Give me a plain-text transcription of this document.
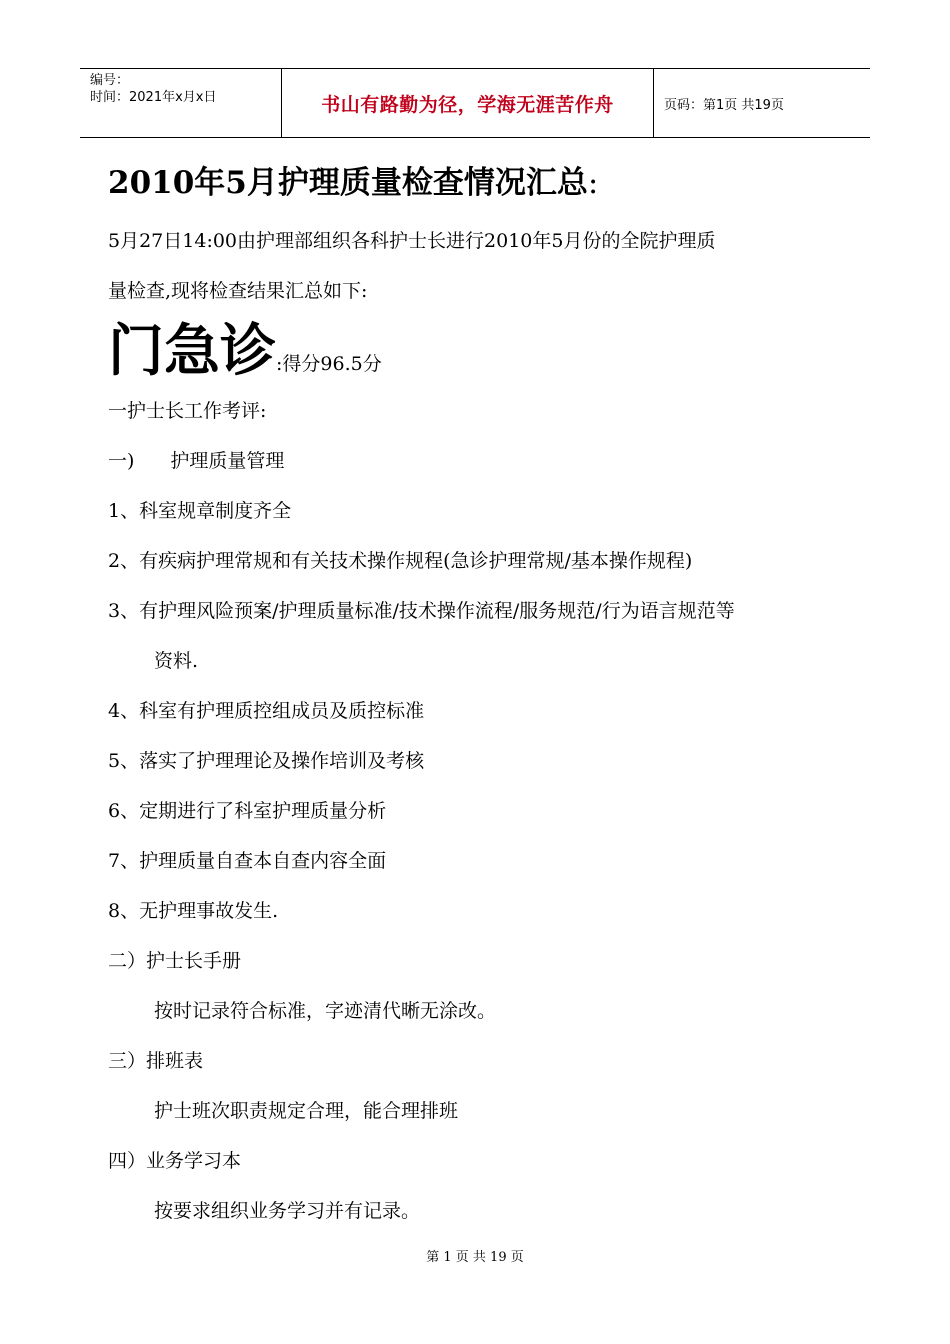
编号：
时间：2021年x月x日	书山有路勤为径，学海无涯苦作舟	页码：第1页 共19页
2010年5月护理质量检查情况汇总:

5月27日14:00由护理部组织各科护士长进行2010年5月份的全院护理质

量检查,现将检查结果汇总如下:

门急诊:得分96.5分

一护士长工作考评:

一) 护理质量管理

1、科室规章制度齐全

2、有疾病护理常规和有关技术操作规程(急诊护理常规/基本操作规程)

3、有护理风险预案/护理质量标准/技术操作流程/服务规范/行为语言规范等

资料.

4、科室有护理质控组成员及质控标准

5、落实了护理理论及操作培训及考核

6、定期进行了科室护理质量分析

7、护理质量自查本自查内容全面

8、无护理事故发生.

二）护士长手册

按时记录符合标准，字迹清代晰无涂改。

三）排班表

护士班次职责规定合理，能合理排班

四）业务学习本

按要求组织业务学习并有记录。

第 1 页 共 19 页
